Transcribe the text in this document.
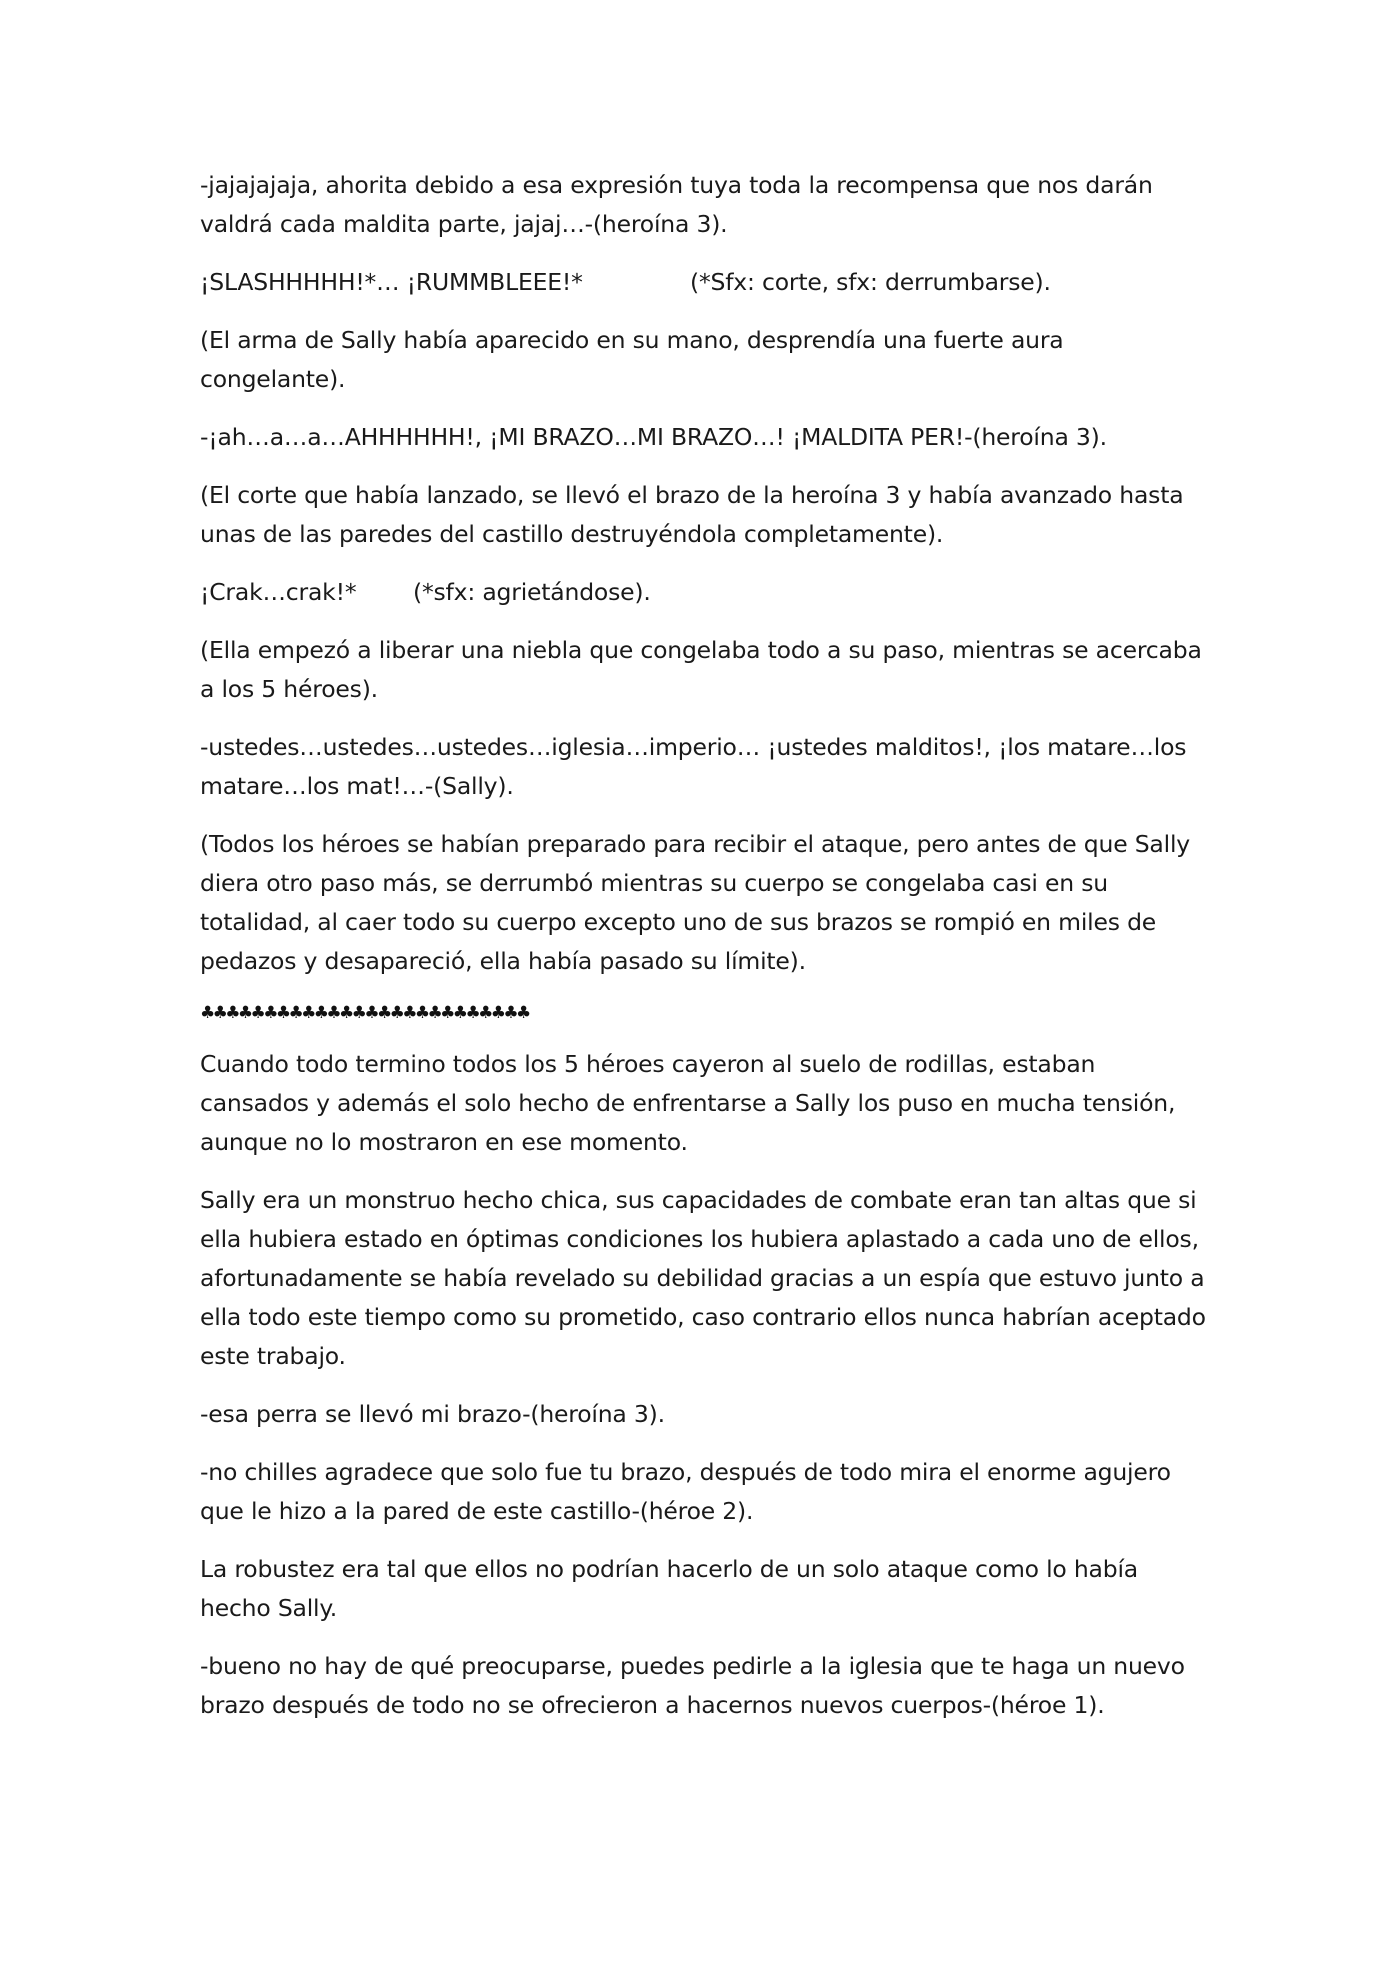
-jajajajaja, ahorita debido a esa expresión tuya toda la recompensa que nos darán valdrá cada maldita parte, jajaj…-(heroína 3).

¡SLASHHHHH!*… ¡RUMMBLEEE!*	(*Sfx: corte, sfx: derrumbarse).

(El arma de Sally había aparecido en su mano, desprendía una fuerte aura congelante).

-¡ah…a…a…AHHHHHH!, ¡MI BRAZO…MI BRAZO…! ¡MALDITA PER!-(heroína 3).

(El corte que había lanzado, se llevó el brazo de la heroína 3 y había avanzado hasta unas de las paredes del castillo destruyéndola completamente).

¡Crak…crak!*	(*sfx: agrietándose).

(Ella empezó a liberar una niebla que congelaba todo a su paso, mientras se acercaba a los 5 héroes).

-ustedes…ustedes…ustedes…iglesia…imperio… ¡ustedes malditos!, ¡los matare…los matare…los mat!…-(Sally).

(Todos los héroes se habían preparado para recibir el ataque, pero antes de que Sally diera otro paso más, se derrumbó mientras su cuerpo se congelaba casi en su totalidad, al caer todo su cuerpo excepto uno de sus brazos se rompió en miles de pedazos y desapareció, ella había pasado su límite).

♣♣♣♣♣♣♣♣♣♣♣♣♣♣♣♣♣♣♣♣♣♣♣♣♣♣

Cuando todo termino todos los 5 héroes cayeron al suelo de rodillas, estaban cansados y además el solo hecho de enfrentarse a Sally los puso en mucha tensión, aunque no lo mostraron en ese momento.

Sally era un monstruo hecho chica, sus capacidades de combate eran tan altas que si ella hubiera estado en óptimas condiciones los hubiera aplastado a cada uno de ellos, afortunadamente se había revelado su debilidad gracias a un espía que estuvo junto a ella todo este tiempo como su prometido, caso contrario ellos nunca habrían aceptado este trabajo.

-esa perra se llevó mi brazo-(heroína 3).

-no chilles agradece que solo fue tu brazo, después de todo mira el enorme agujero que le hizo a la pared de este castillo-(héroe 2).

La robustez era tal que ellos no podrían hacerlo de un solo ataque como lo había hecho Sally.

-bueno no hay de qué preocuparse, puedes pedirle a la iglesia que te haga un nuevo brazo después de todo no se ofrecieron a hacernos nuevos cuerpos-(héroe 1).
